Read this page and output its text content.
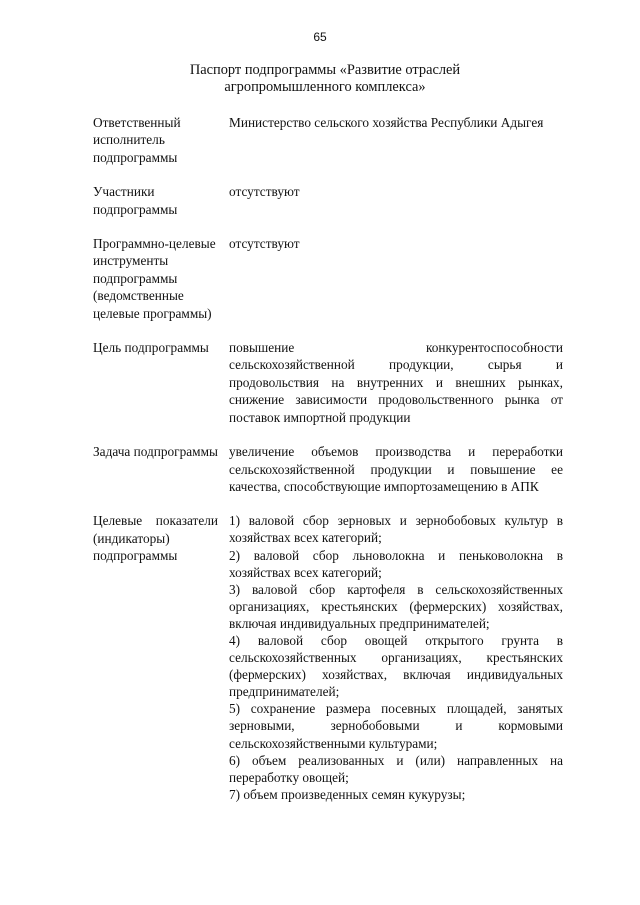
65
Паспорт подпрограммы «Развитие отраслей
агропромышленного комплекса»
Ответственный исполнитель подпрограммы
Министерство сельского хозяйства Республики Адыгея
Участники подпрограммы
отсутствуют
Программно-целевые инструменты подпрограммы (ведомственные целевые программы)
отсутствуют
Цель подпрограммы	повышение конкурентоспособности сельскохозяйственной продукции, сырья и продовольствия на внутренних и внешних рынках, снижение зависимости продовольственного рынка от поставок импортной продукции
Задача подпрограммы увеличение объемов производства и переработки сельскохозяйственной продукции и повышение ее качества, способствующие импортозамещению в АПК
Целевые показатели (индикаторы) подпрограммы
1) валовой сбор зерновых и зернобобовых культур в хозяйствах всех категорий;
2) валовой сбор льноволокна и пеньковолокна в хозяйствах всех категорий;
3) валовой сбор картофеля в сельскохозяйственных организациях, крестьянских (фермерских) хозяйствах, включая индивидуальных предпринимателей;
4) валовой сбор овощей открытого грунта в сельскохозяйственных организациях, крестьянских (фермерских) хозяйствах, включая индивидуальных предпринимателей;
5) сохранение размера посевных площадей, занятых зерновыми, зернобобовыми и кормовыми сельскохозяйственными культурами;
6) объем реализованных и (или) направленных на переработку овощей;
7) объем произведенных семян кукурузы;
